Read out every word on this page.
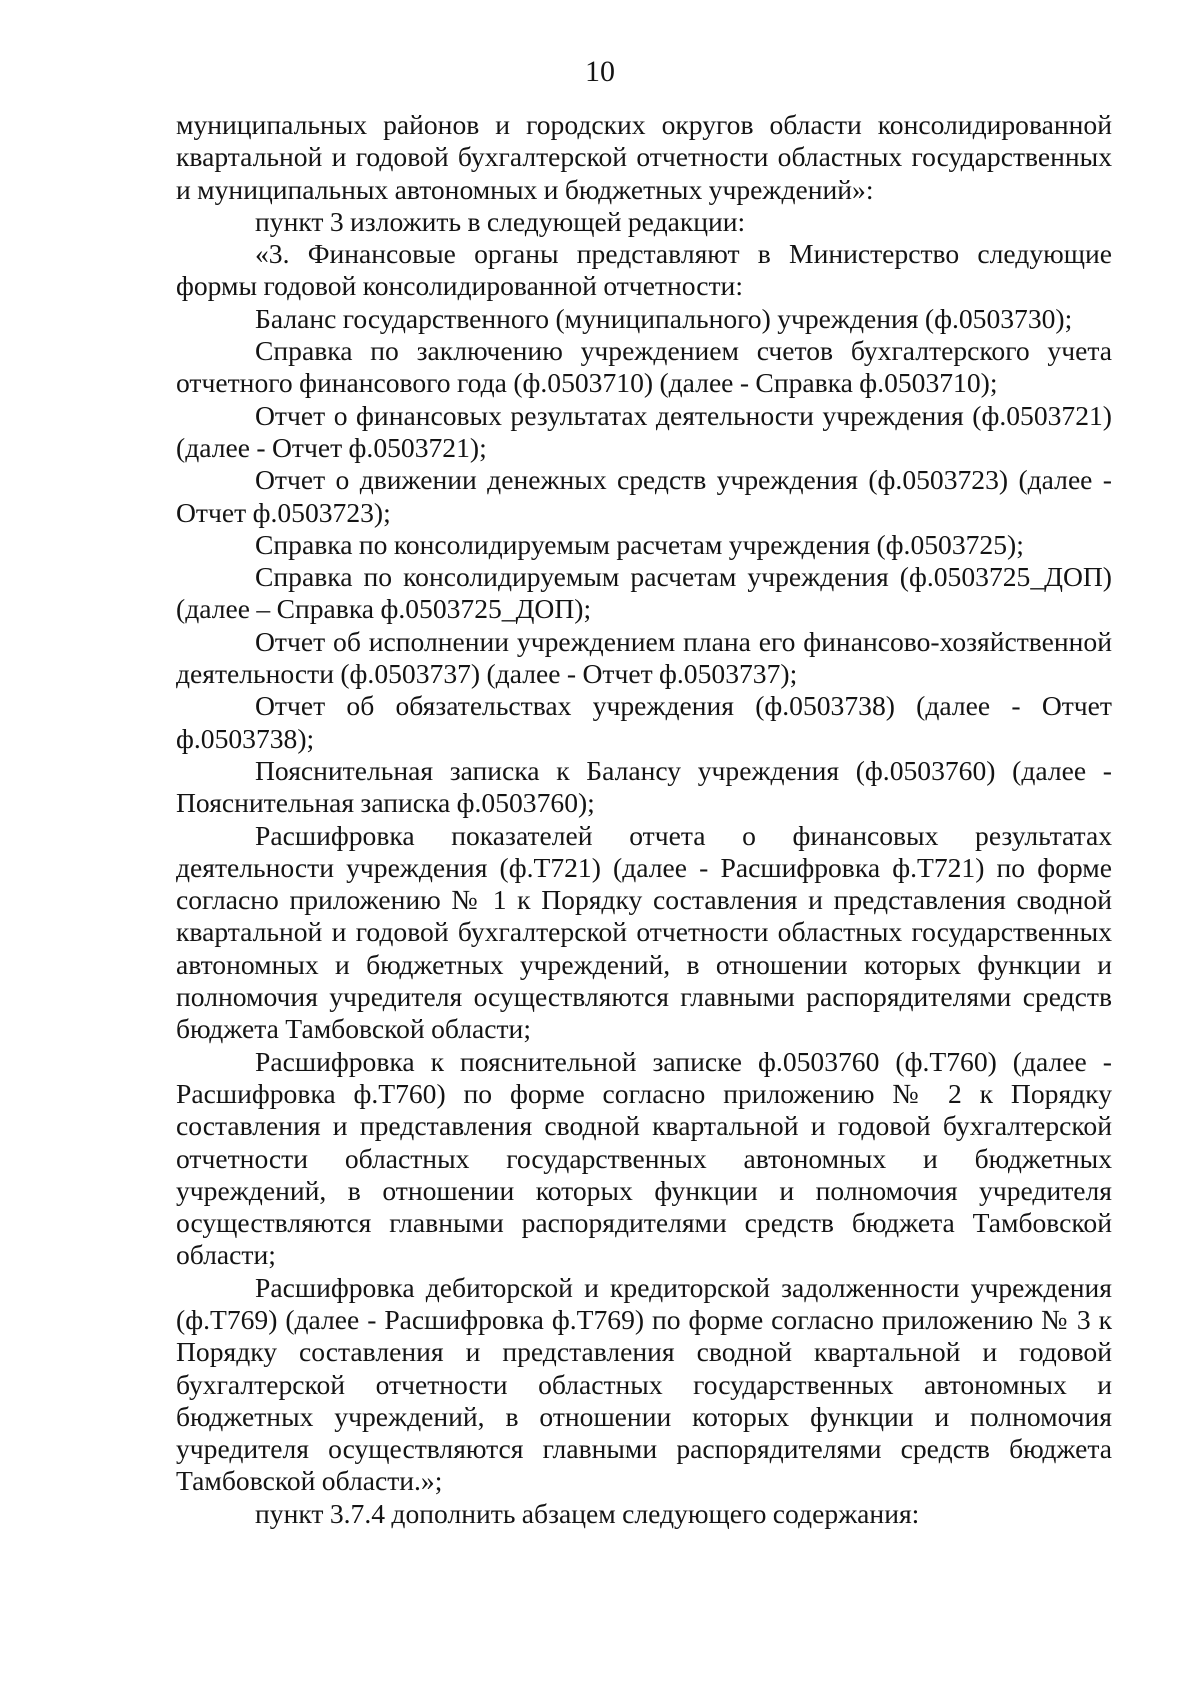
10

муниципальных районов и городских округов области консолидированной квартальной и годовой бухгалтерской отчетности областных государственных и муниципальных автономных и бюджетных учреждений»:

пункт 3 изложить в следующей редакции:

«3. Финансовые органы представляют в Министерство следующие формы годовой консолидированной отчетности:

Баланс государственного (муниципального) учреждения (ф.0503730);

Справка по заключению учреждением счетов бухгалтерского учета отчетного финансового года (ф.0503710) (далее - Справка ф.0503710);

Отчет о финансовых результатах деятельности учреждения (ф.0503721) (далее - Отчет ф.0503721);

Отчет о движении денежных средств учреждения (ф.0503723) (далее - Отчет ф.0503723);

Справка по консолидируемым расчетам учреждения (ф.0503725);

Справка по консолидируемым расчетам учреждения (ф.0503725_ДОП) (далее – Справка ф.0503725_ДОП);

Отчет об исполнении учреждением плана его финансово-хозяйственной деятельности (ф.0503737) (далее - Отчет ф.0503737);

Отчет об обязательствах учреждения (ф.0503738) (далее - Отчет ф.0503738);

Пояснительная записка к Балансу учреждения (ф.0503760) (далее - Пояснительная записка ф.0503760);

Расшифровка показателей отчета о финансовых результатах деятельности учреждения (ф.Т721) (далее - Расшифровка ф.Т721) по форме согласно приложению № 1 к Порядку составления и представления сводной квартальной и годовой бухгалтерской отчетности областных государственных автономных и бюджетных учреждений, в отношении которых функции и полномочия учредителя осуществляются главными распорядителями средств бюджета Тамбовской области;

Расшифровка к пояснительной записке ф.0503760 (ф.Т760) (далее - Расшифровка ф.Т760) по форме согласно приложению № 2 к Порядку составления и представления сводной квартальной и годовой бухгалтерской отчетности областных государственных автономных и бюджетных учреждений, в отношении которых функции и полномочия учредителя осуществляются главными распорядителями средств бюджета Тамбовской области;

Расшифровка дебиторской и кредиторской задолженности учреждения (ф.Т769) (далее - Расшифровка ф.Т769) по форме согласно приложению № 3 к Порядку составления и представления сводной квартальной и годовой бухгалтерской отчетности областных государственных автономных и бюджетных учреждений, в отношении которых функции и полномочия учредителя осуществляются главными распорядителями средств бюджета Тамбовской области.»;

пункт 3.7.4 дополнить абзацем следующего содержания:
